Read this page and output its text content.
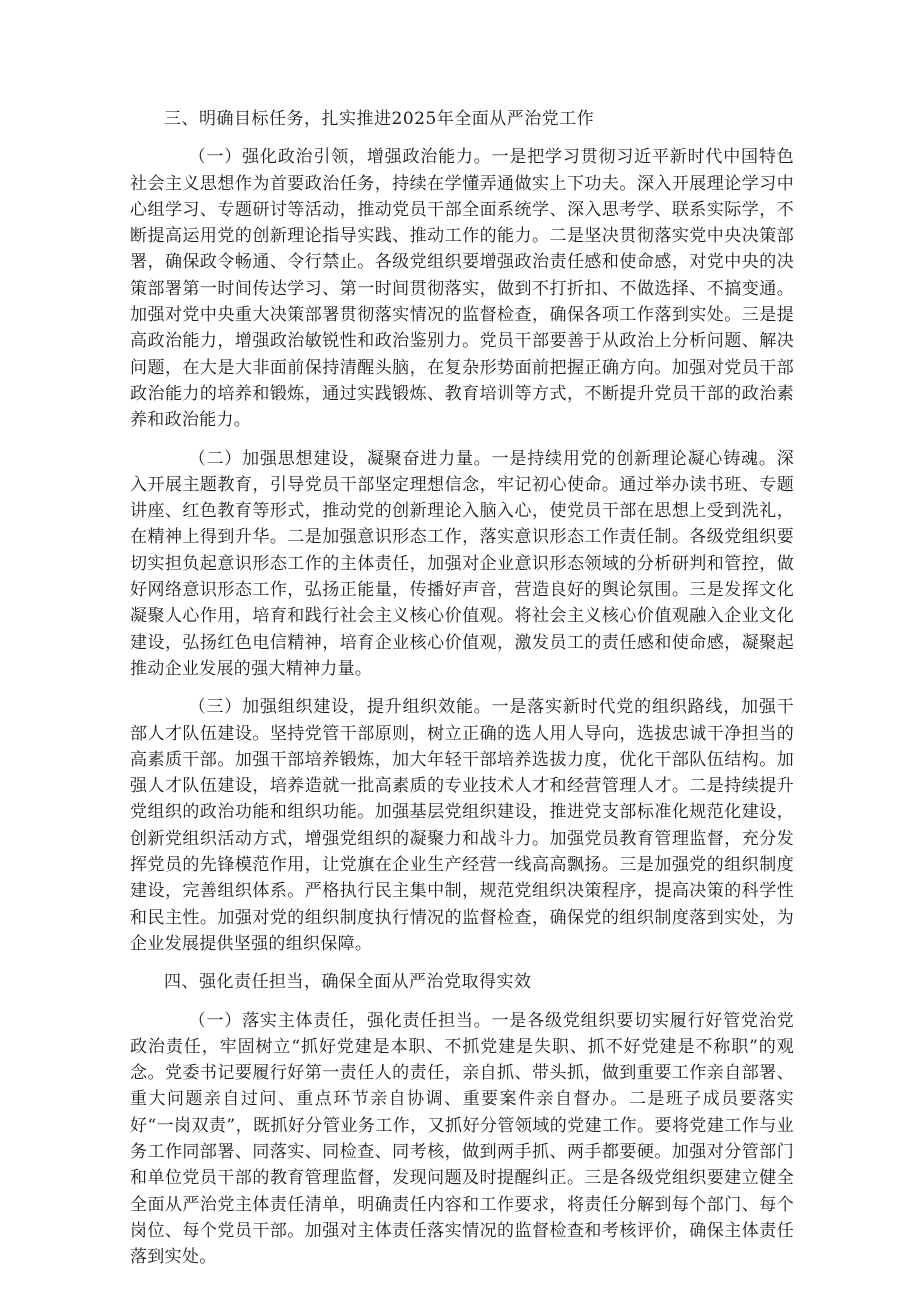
三、明确目标任务，扎实推进2025年全面从严治党工作

（一）强化政治引领，增强政治能力。一是把学习贯彻习近平新时代中国特色社会主义思想作为首要政治任务，持续在学懂弄通做实上下功夫。深入开展理论学习中心组学习、专题研讨等活动，推动党员干部全面系统学、深入思考学、联系实际学，不断提高运用党的创新理论指导实践、推动工作的能力。二是坚决贯彻落实党中央决策部署，确保政令畅通、令行禁止。各级党组织要增强政治责任感和使命感，对党中央的决策部署第一时间传达学习、第一时间贯彻落实，做到不打折扣、不做选择、不搞变通。加强对党中央重大决策部署贯彻落实情况的监督检查，确保各项工作落到实处。三是提高政治能力，增强政治敏锐性和政治鉴别力。党员干部要善于从政治上分析问题、解决问题，在大是大非面前保持清醒头脑，在复杂形势面前把握正确方向。加强对党员干部政治能力的培养和锻炼，通过实践锻炼、教育培训等方式，不断提升党员干部的政治素养和政治能力。

（二）加强思想建设，凝聚奋进力量。一是持续用党的创新理论凝心铸魂。深入开展主题教育，引导党员干部坚定理想信念，牢记初心使命。通过举办读书班、专题讲座、红色教育等形式，推动党的创新理论入脑入心，使党员干部在思想上受到洗礼，在精神上得到升华。二是加强意识形态工作，落实意识形态工作责任制。各级党组织要切实担负起意识形态工作的主体责任，加强对企业意识形态领域的分析研判和管控，做好网络意识形态工作，弘扬正能量，传播好声音，营造良好的舆论氛围。三是发挥文化凝聚人心作用，培育和践行社会主义核心价值观。将社会主义核心价值观融入企业文化建设，弘扬红色电信精神，培育企业核心价值观，激发员工的责任感和使命感，凝聚起推动企业发展的强大精神力量。

（三）加强组织建设，提升组织效能。一是落实新时代党的组织路线，加强干部人才队伍建设。坚持党管干部原则，树立正确的选人用人导向，选拔忠诚干净担当的高素质干部。加强干部培养锻炼，加大年轻干部培养选拔力度，优化干部队伍结构。加强人才队伍建设，培养造就一批高素质的专业技术人才和经营管理人才。二是持续提升党组织的政治功能和组织功能。加强基层党组织建设，推进党支部标准化规范化建设，创新党组织活动方式，增强党组织的凝聚力和战斗力。加强党员教育管理监督，充分发挥党员的先锋模范作用，让党旗在企业生产经营一线高高飘扬。三是加强党的组织制度建设，完善组织体系。严格执行民主集中制，规范党组织决策程序，提高决策的科学性和民主性。加强对党的组织制度执行情况的监督检查，确保党的组织制度落到实处，为企业发展提供坚强的组织保障。

四、强化责任担当，确保全面从严治党取得实效

（一）落实主体责任，强化责任担当。一是各级党组织要切实履行好管党治党政治责任，牢固树立“抓好党建是本职、不抓党建是失职、抓不好党建是不称职”的观念。党委书记要履行好第一责任人的责任，亲自抓、带头抓，做到重要工作亲自部署、重大问题亲自过问、重点环节亲自协调、重要案件亲自督办。二是班子成员要落实好“一岗双责”，既抓好分管业务工作，又抓好分管领域的党建工作。要将党建工作与业务工作同部署、同落实、同检查、同考核，做到两手抓、两手都要硬。加强对分管部门和单位党员干部的教育管理监督，发现问题及时提醒纠正。三是各级党组织要建立健全全面从严治党主体责任清单，明确责任内容和工作要求，将责任分解到每个部门、每个岗位、每个党员干部。加强对主体责任落实情况的监督检查和考核评价，确保主体责任落到实处。
